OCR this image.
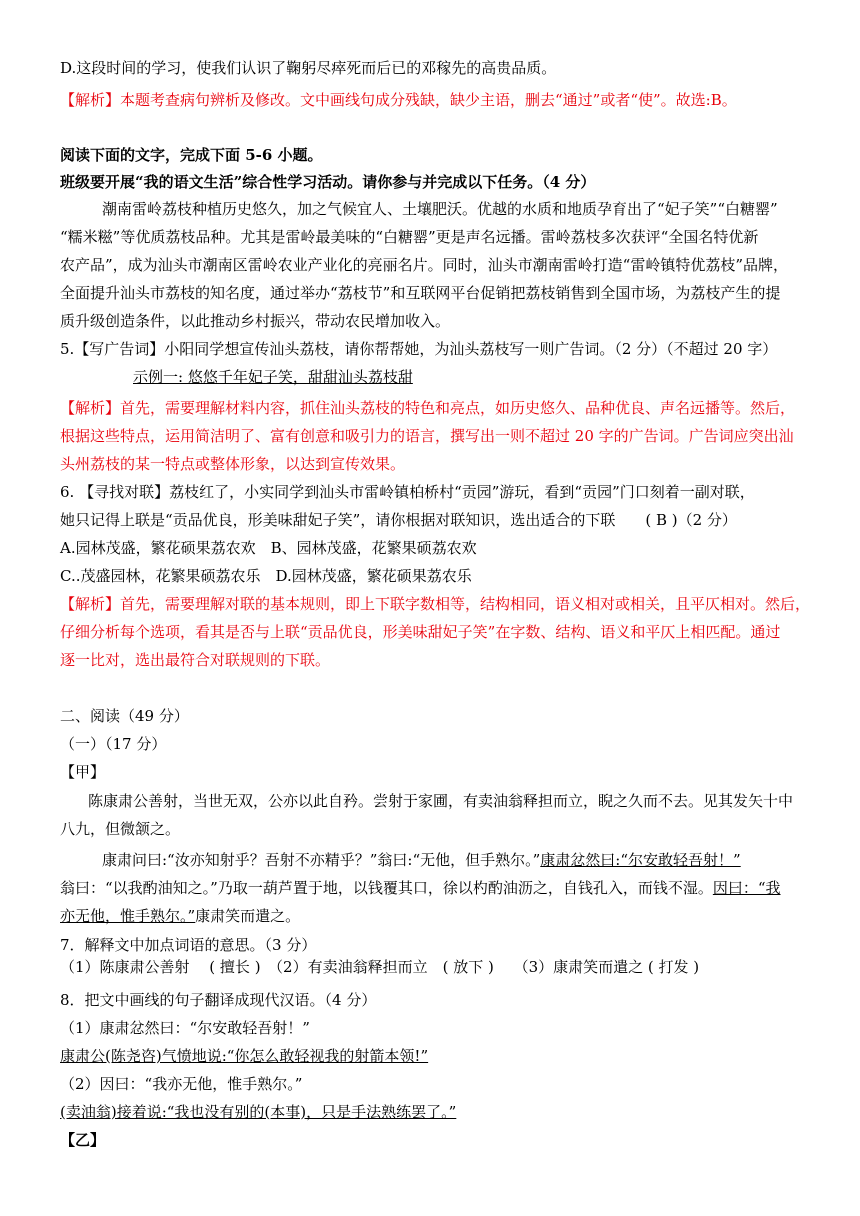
D.这段时间的学习，使我们认识了鞠躬尽瘁死而后已的邓稼先的高贵品质。
【解析】本题考查病句辨析及修改。文中画线句成分残缺，缺少主语，删去“通过”或者“使”。故选:B。
阅读下面的文字，完成下面 5-6 小题。
班级要开展“我的语文生活”综合性学习活动。请你参与并完成以下任务。（4 分）
潮南雷岭荔枝种植历史悠久，加之气候宜人、土壤肥沃。优越的水质和地质孕育出了“妃子笑”“白糖罂”
“糯米糍”等优质荔枝品种。尤其是雷岭最美味的“白糖罂”更是声名远播。雷岭荔枝多次获评“全国名特优新
农产品”，成为汕头市潮南区雷岭农业产业化的亮丽名片。同时，汕头市潮南雷岭打造“雷岭镇特优荔枝”品牌，
全面提升汕头市荔枝的知名度，通过举办“荔枝节”和互联网平台促销把荔枝销售到全国市场，为荔枝产生的提
质升级创造条件，以此推动乡村振兴，带动农民增加收入。
5.【写广告词】小阳同学想宣传汕头荔枝，请你帮帮她，为汕头荔枝写一则广告词。（2 分）（不超过 20 字）
示例一: 悠悠千年妃子笑，甜甜汕头荔枝甜
【解析】首先，需要理解材料内容，抓住汕头荔枝的特色和亮点，如历史悠久、品种优良、声名远播等。然后，
根据这些特点，运用简洁明了、富有创意和吸引力的语言，撰写出一则不超过 20 字的广告词。广告词应突出汕
头州荔枝的某一特点或整体形象，以达到宣传效果。
6. 【寻找对联】荔枝红了，小实同学到汕头市雷岭镇柏桥村“贡园”游玩，看到“贡园”门口刻着一副对联，
她只记得上联是“贡品优良，形美味甜妃子笑”，请你根据对联知识，选出适合的下联　　( B )（2 分）
A.园林茂盛，繁花硕果荔农欢　B、园林茂盛，花繁果硕荔农欢
C..茂盛园林，花繁果硕荔农乐　D.园林茂盛，繁花硕果荔农乐
【解析】首先，需要理解对联的基本规则，即上下联字数相等，结构相同，语义相对或相关，且平仄相对。然后，
仔细分析每个选项，看其是否与上联“贡品优良，形美味甜妃子笑”在字数、结构、语义和平仄上相匹配。通过
逐一比对，选出最符合对联规则的下联。
二、阅读（49 分）
（一）（17 分）
【甲】
陈康肃公善射，当世无双，公亦以此自矜。尝射于家圃，有卖油翁释担而立，睨之久而不去。见其发矢十中
八九，但微颔之。
康肃问曰:“汝亦知射乎？吾射不亦精乎？”翁曰:“无他，但手熟尔。”康肃忿然曰:“尔安敢轻吾射！”
翁曰：“以我酌油知之。”乃取一葫芦置于地，以钱覆其口，徐以杓酌油沥之，自钱孔入，而钱不湿。因曰：“我
亦无他，惟手熟尔。”康肃笑而遣之。
7．解释文中加点词语的意思。（3 分）
（1）陈康肃公善射　 ( 擅长 )　（2）有卖油翁释担而立　( 放下 )　 （3）康肃笑而遣之 ( 打发 )
8．把文中画线的句子翻译成现代汉语。（4 分）
（1）康肃忿然曰：“尔安敢轻吾射！”
康肃公(陈尧咨)气愤地说:“你怎么敢轻视我的射箭本领!”
（2）因曰：“我亦无他，惟手熟尔。”
(卖油翁)接着说:“我也没有别的(本事)，只是手法熟练罢了。”
【乙】
